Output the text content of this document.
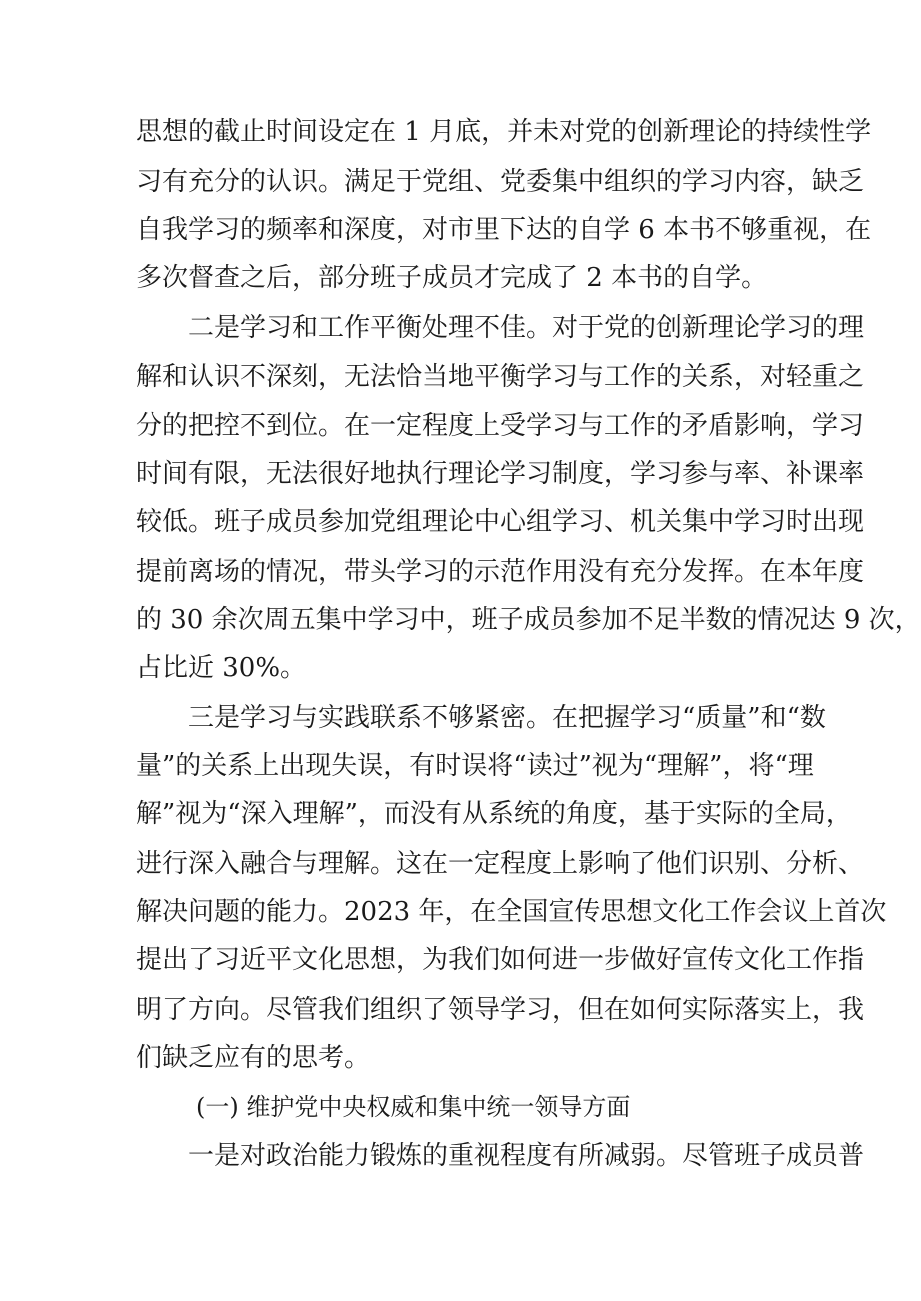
思想的截止时间设定在 1 月底，并未对党的创新理论的持续性学
习有充分的认识。满足于党组、党委集中组织的学习内容，缺乏
自我学习的频率和深度，对市里下达的自学 6 本书不够重视，在
多次督查之后，部分班子成员才完成了 2 本书的自学。
二是学习和工作平衡处理不佳。对于党的创新理论学习的理
解和认识不深刻，无法恰当地平衡学习与工作的关系，对轻重之
分的把控不到位。在一定程度上受学习与工作的矛盾影响，学习
时间有限，无法很好地执行理论学习制度，学习参与率、补课率
较低。班子成员参加党组理论中心组学习、机关集中学习时出现
提前离场的情况，带头学习的示范作用没有充分发挥。在本年度
的 30 余次周五集中学习中，班子成员参加不足半数的情况达 9 次，
占比近 30%。
三是学习与实践联系不够紧密。在把握学习“质量”和“数
量”的关系上出现失误，有时误将“读过”视为“理解”，将“理
解”视为“深入理解”，而没有从系统的角度，基于实际的全局，
进行深入融合与理解。这在一定程度上影响了他们识别、分析、
解决问题的能力。2023 年，在全国宣传思想文化工作会议上首次
提出了习近平文化思想，为我们如何进一步做好宣传文化工作指
明了方向。尽管我们组织了领导学习，但在如何实际落实上，我
们缺乏应有的思考。
(一) 维护党中央权威和集中统一领导方面
一是对政治能力锻炼的重视程度有所减弱。尽管班子成员普
